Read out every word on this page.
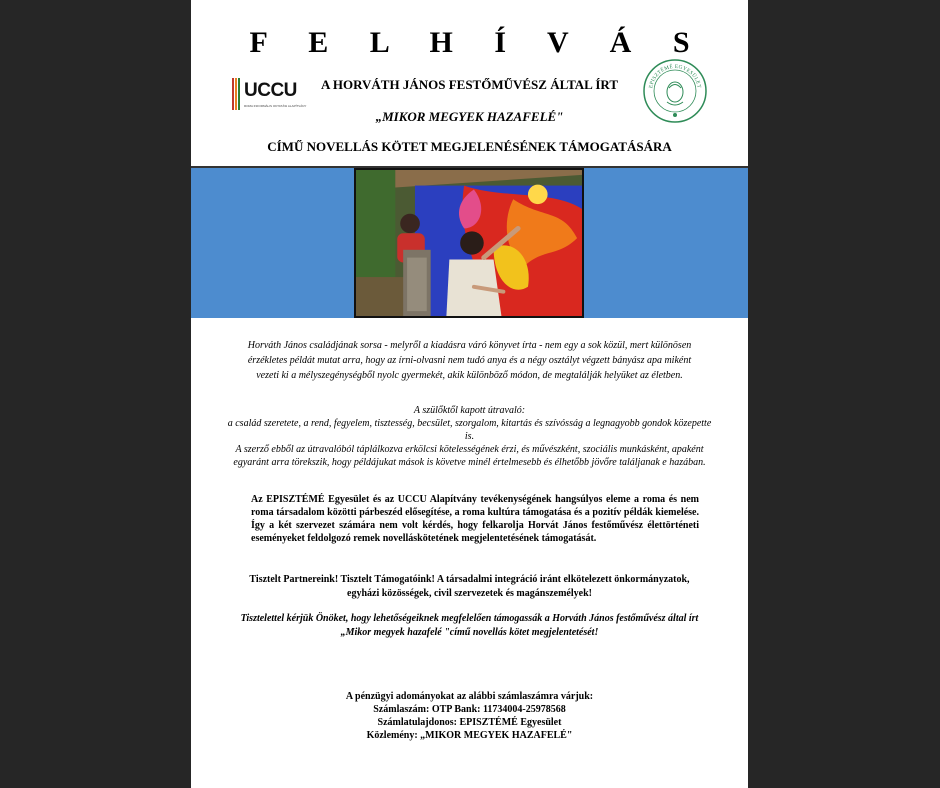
F E L H Í V Á S
UCCU
ROMA INFORMÁLIS OKTATÁSI ALAPÍTVÁNY
A HORVÁTH JÁNOS FESTŐMŰVÉSZ ÁLTAL ÍRT
„MIKOR MEGYEK HAZAFELÉ"
CÍMŰ NOVELLÁS KÖTET MEGJELENÉSÉNEK TÁMOGATÁSÁRA
EPISZTÉMÉ EGYESÜLET
Horváth János családjának sorsa - melyről a kiadásra váró könyvet írta - nem egy a sok közül, mert különösen érzékletes példát mutat arra, hogy az írni-olvasni nem tudó anya és a négy osztályt végzett bányász apa miként vezeti ki a mélyszegénységből nyolc gyermekét, akik különböző módon, de megtalálják helyüket az életben.
A szülőktől kapott útravaló:
a család szeretete, a rend, fegyelem, tisztesség, becsület, szorgalom, kitartás és szívósság a legnagyobb gondok közepette is.
A szerző ebből az útravalóból táplálkozva erkölcsi kötelességének érzi, és művészként, szociális munkásként, apaként egyaránt arra törekszik, hogy példájukat mások is követve minél értelmesebb és élhetőbb jövőre találjanak e hazában.
Az EPISZTÉMÉ Egyesület és az UCCU Alapítvány tevékenységének hangsúlyos eleme a roma és nem roma társadalom közötti párbeszéd elősegítése, a roma kultúra támogatása és a pozitív példák kiemelése. Így a két szervezet számára nem volt kérdés, hogy felkarolja Horvát János festőművész élettörténeti eseményeket feldolgozó remek novelláskötetének megjelentetésének támogatását.
Tisztelt Partnereink! Tisztelt Támogatóink! A társadalmi integráció iránt elkötelezett önkormányzatok, egyházi közösségek, civil szervezetek és magánszemélyek!
Tisztelettel kérjük Önöket, hogy lehetőségeiknek megfelelően támogassák a Horváth János festőművész által írt „Mikor megyek hazafelé "című novellás kötet megjelentetését!
A pénzügyi adományokat az alábbi számlaszámra várjuk:
Számlaszám: OTP Bank: 11734004-25978568
Számlatulajdonos: EPISZTÉMÉ Egyesület
Közlemény: „MIKOR MEGYEK HAZAFELÉ"
